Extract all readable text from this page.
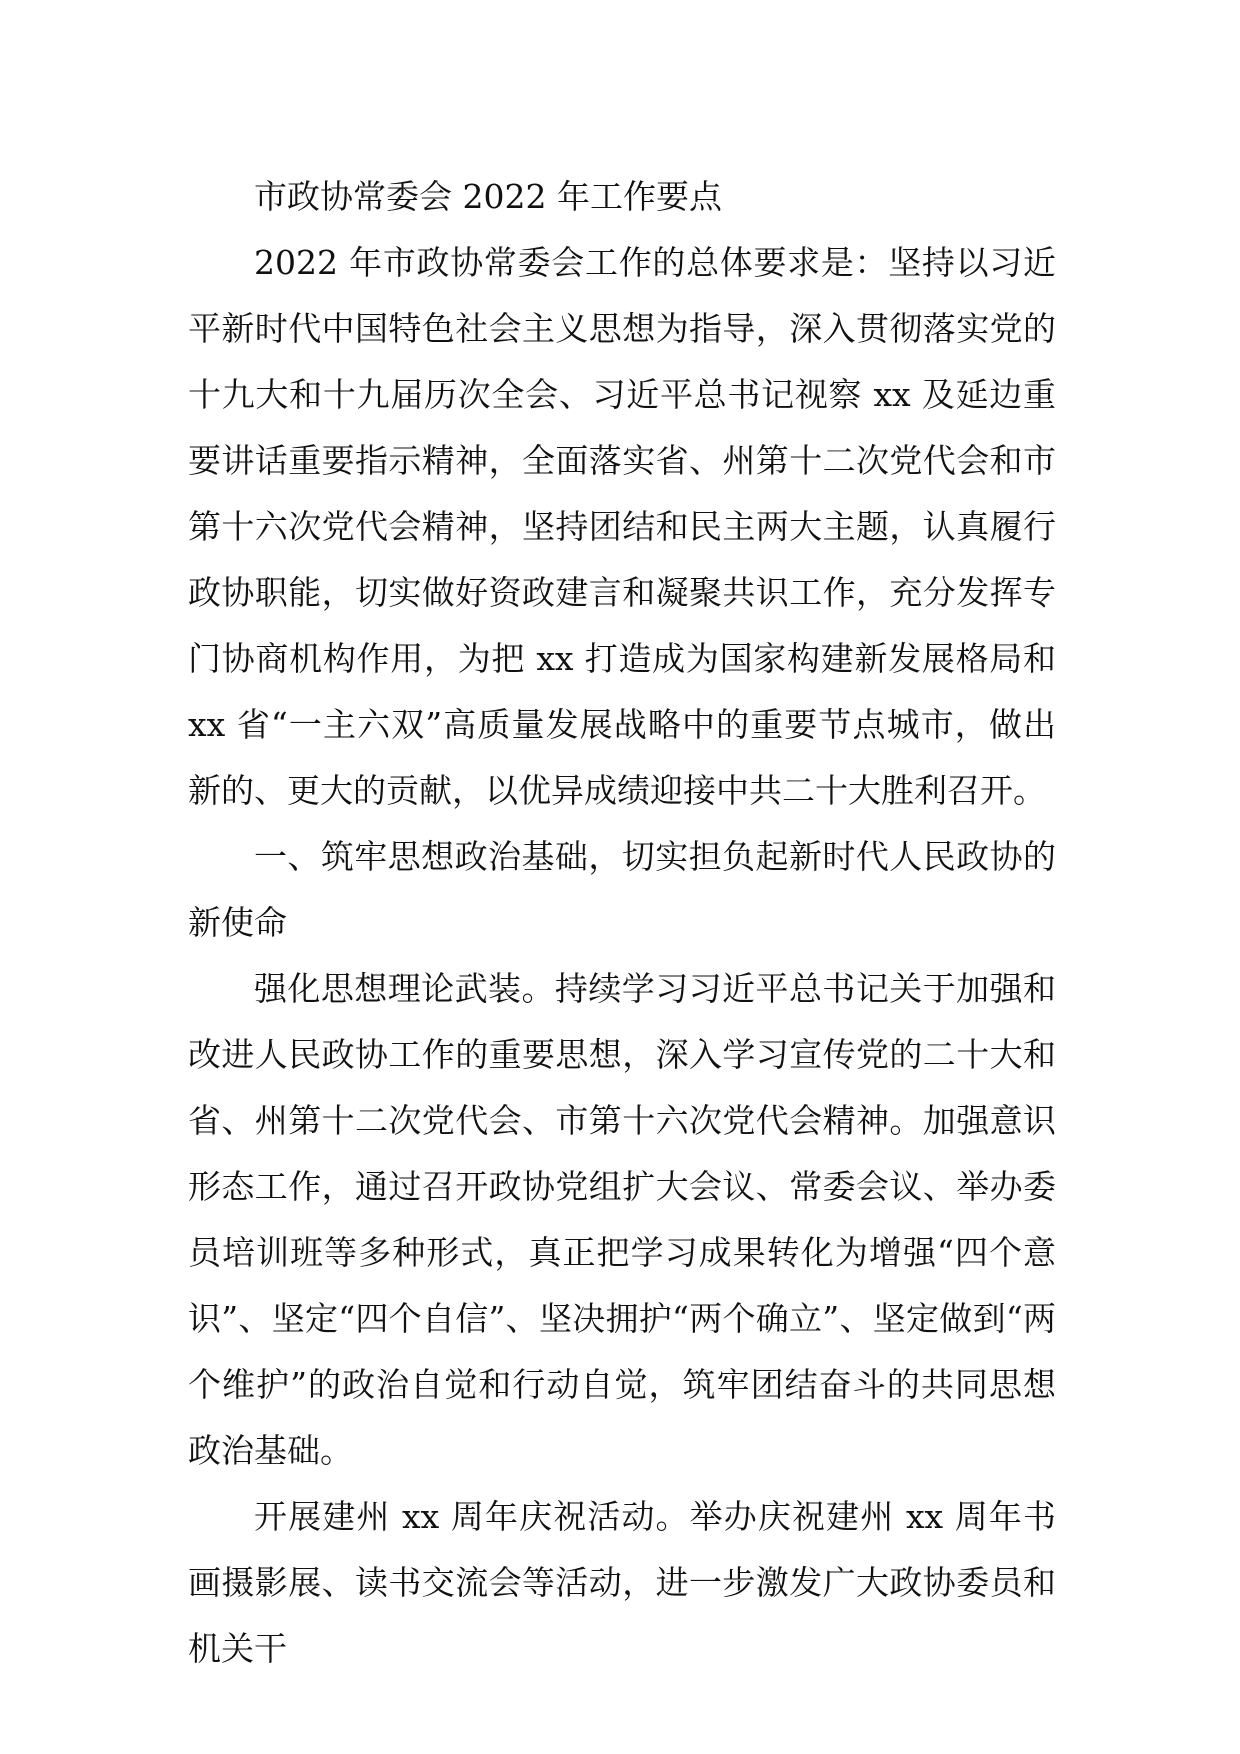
市政协常委会 2022 年工作要点

2022 年市政协常委会工作的总体要求是：坚持以习近平新时代中国特色社会主义思想为指导，深入贯彻落实党的十九大和十九届历次全会、习近平总书记视察 xx 及延边重要讲话重要指示精神，全面落实省、州第十二次党代会和市第十六次党代会精神，坚持团结和民主两大主题，认真履行政协职能，切实做好资政建言和凝聚共识工作，充分发挥专门协商机构作用，为把 xx 打造成为国家构建新发展格局和 xx 省“一主六双”高质量发展战略中的重要节点城市，做出新的、更大的贡献，以优异成绩迎接中共二十大胜利召开。

一、筑牢思想政治基础，切实担负起新时代人民政协的新使命

强化思想理论武装。持续学习习近平总书记关于加强和改进人民政协工作的重要思想，深入学习宣传党的二十大和省、州第十二次党代会、市第十六次党代会精神。加强意识形态工作，通过召开政协党组扩大会议、常委会议、举办委员培训班等多种形式，真正把学习成果转化为增强“四个意识”、坚定“四个自信”、坚决拥护“两个确立”、坚定做到“两个维护”的政治自觉和行动自觉，筑牢团结奋斗的共同思想政治基础。

开展建州 xx 周年庆祝活动。举办庆祝建州 xx 周年书画摄影展、读书交流会等活动，进一步激发广大政协委员和机关干
